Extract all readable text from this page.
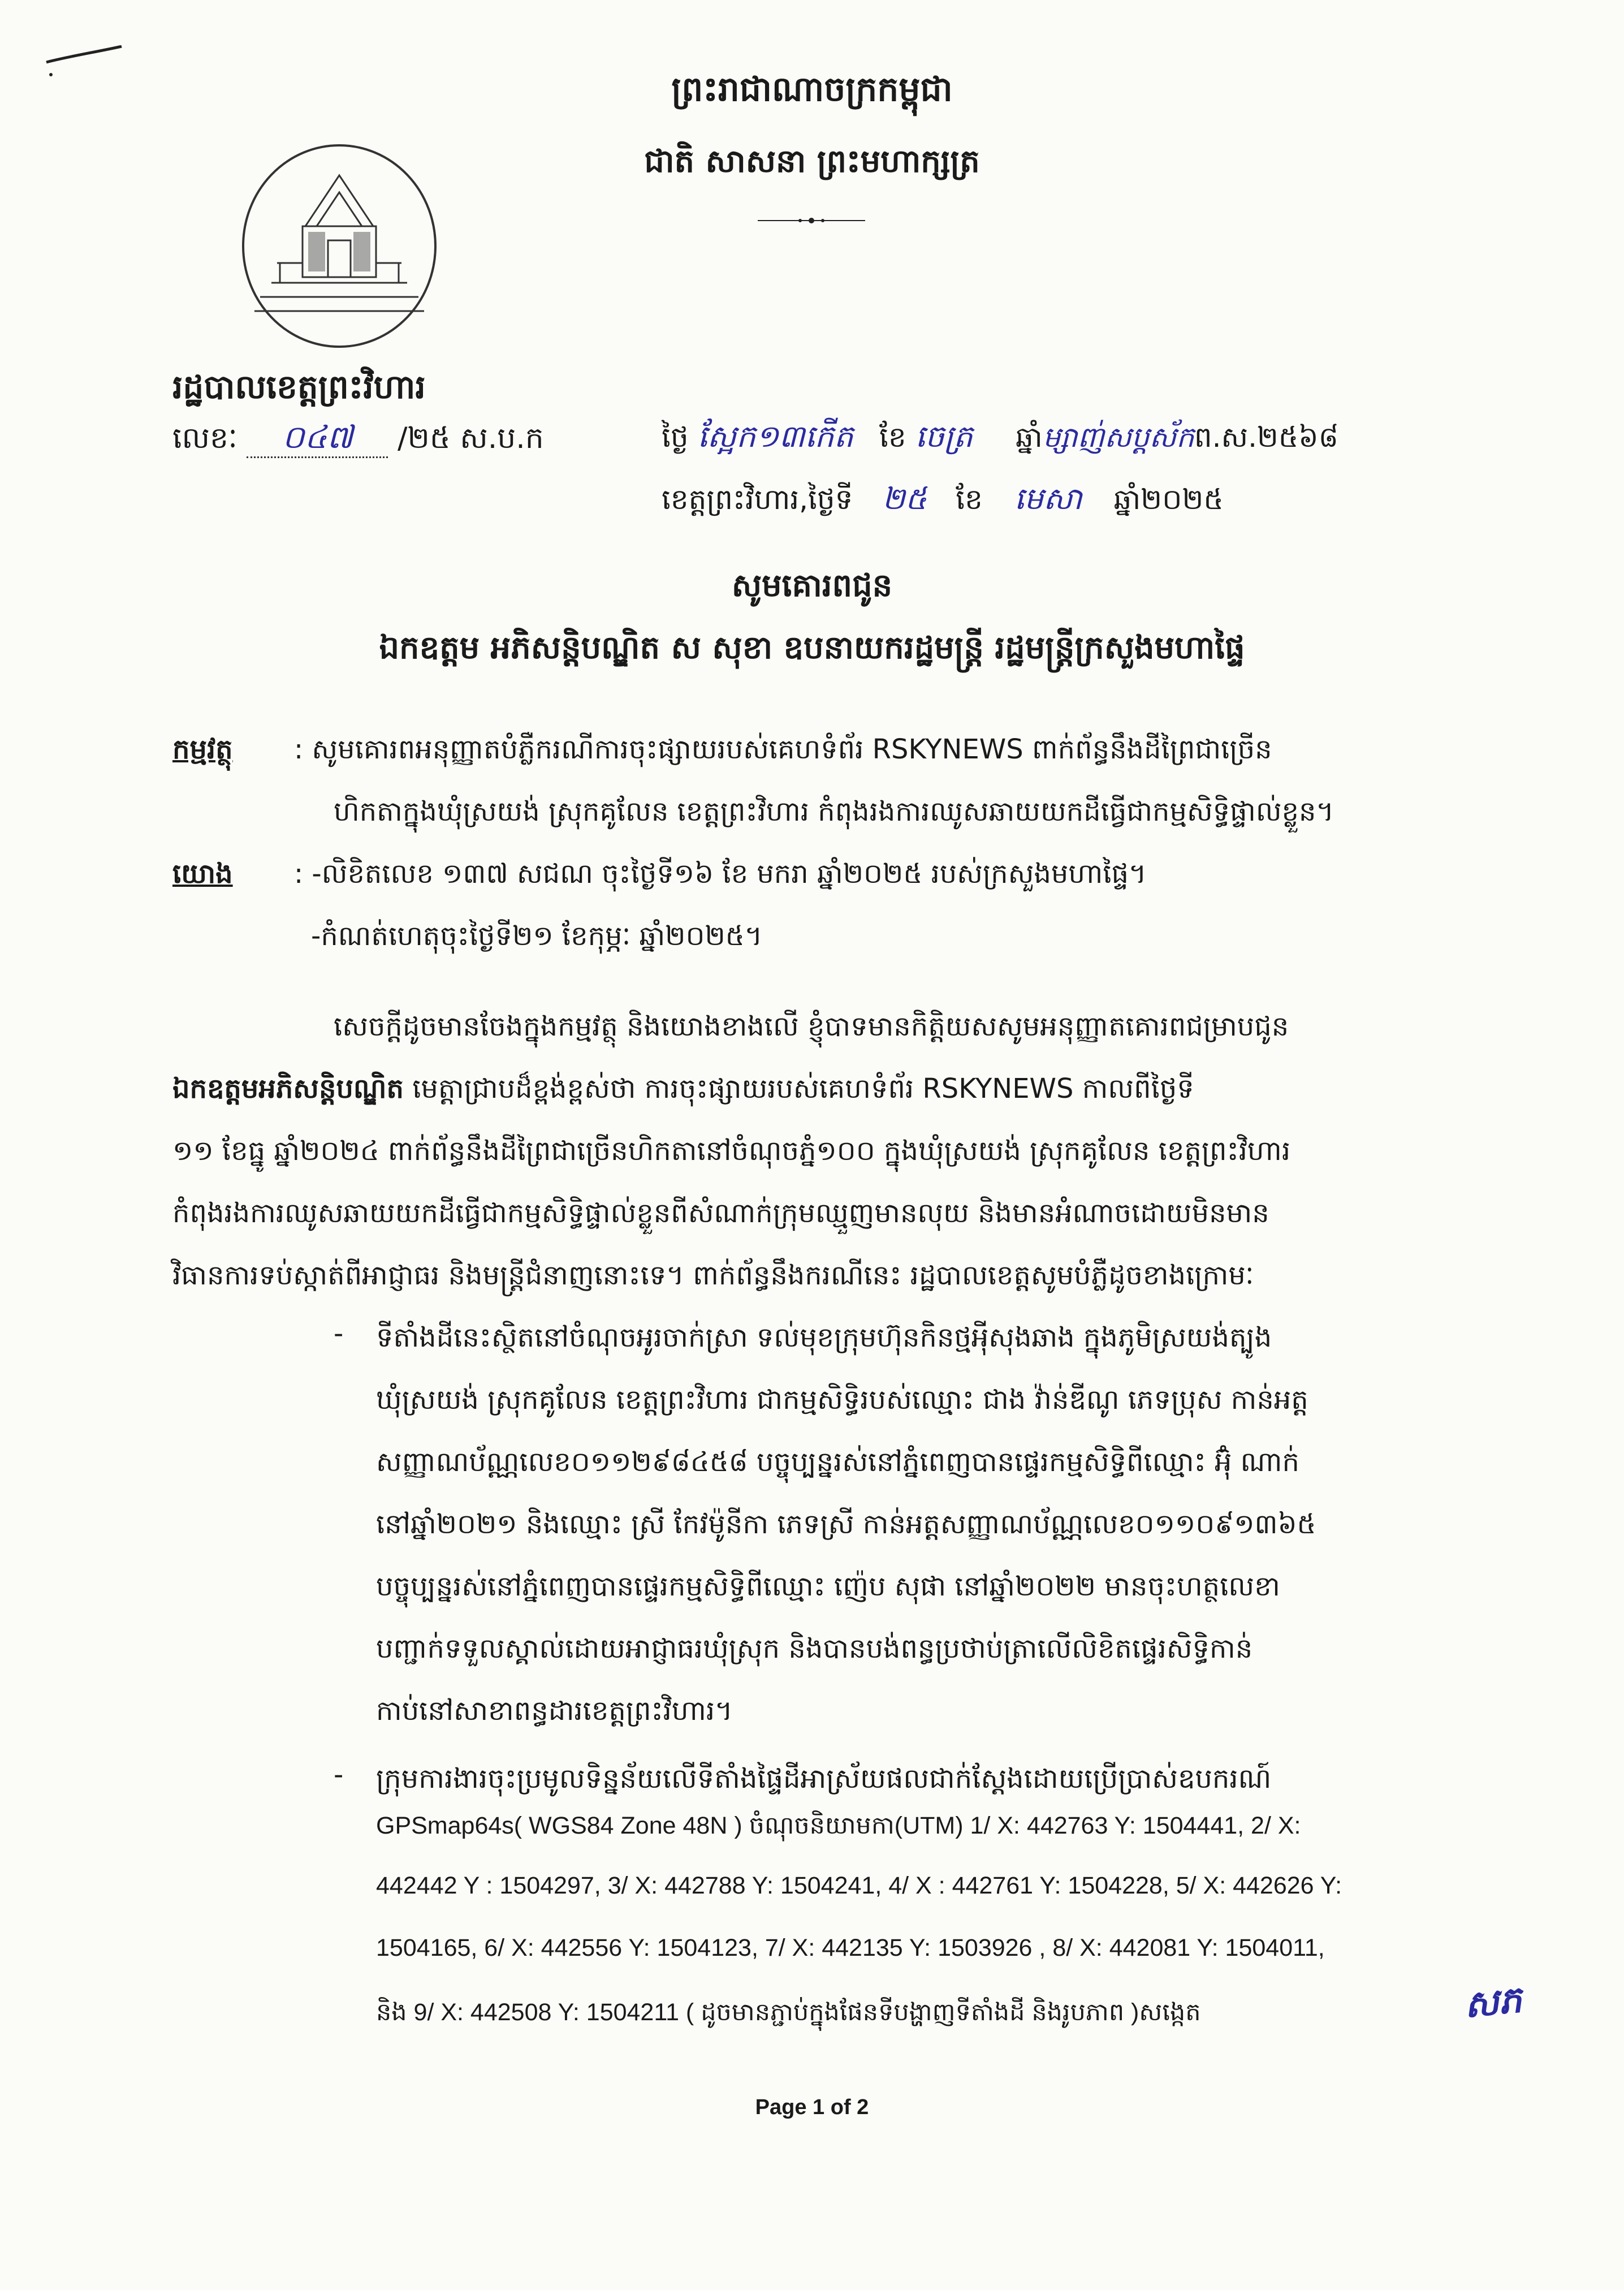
ព្រះរាជាណាចក្រកម្ពុជា
ជាតិ សាសនា ព្រះមហាក្សត្រ
រដ្ឋបាលខេត្តព្រះវិហារ
លេខៈ ០៤៧ /២៥ ស.ប.ក	ថ្ងៃ ស្អែក១៣កើត ខែ ចេត្រ ឆ្នាំម្សាញ់សប្តស័កព.ស.២៥៦៨
ខេត្តព្រះវិហារ,ថ្ងៃទី ២៥ ខែ មេសា ឆ្នាំ២០២៥
សូមគោរពជូន
ឯកឧត្តម អភិសន្តិបណ្ឌិត ស សុខា ឧបនាយករដ្ឋមន្ត្រី រដ្ឋមន្ត្រីក្រសួងមហាផ្ទៃ
កម្មវត្ថុ : សូមគោរពអនុញ្ញាតបំភ្លឺករណីការចុះផ្សាយរបស់គេហទំព័រ RSKYNEWS ពាក់ព័ន្ធនឹងដីព្រៃជាច្រើន
ហិកតាក្នុងឃុំស្រយង់ ស្រុកគូលែន ខេត្តព្រះវិហារ កំពុងរងការឈូសឆាយយកដីធ្វើជាកម្មសិទ្ធិផ្ទាល់ខ្លួន។
យោង : -លិខិតលេខ ១៣៧ សជណ ចុះថ្ងៃទី១៦ ខែ មករា ឆ្នាំ២០២៥ របស់ក្រសួងមហាផ្ទៃ។
-កំណត់ហេតុចុះថ្ងៃទី២១ ខែកុម្ភៈ ឆ្នាំ២០២៥។
សេចក្តីដូចមានចែងក្នុងកម្មវត្ថុ និងយោងខាងលើ ខ្ញុំបាទមានកិត្តិយសសូមអនុញ្ញាតគោរពជម្រាបជូន
ឯកឧត្តមអភិសន្តិបណ្ឌិត មេត្តាជ្រាបដ៏ខ្ពង់ខ្ពស់ថា ការចុះផ្សាយរបស់គេហទំព័រ RSKYNEWS កាលពីថ្ងៃទី
១១ ខែធ្នូ ឆ្នាំ២០២៤ ពាក់ព័ន្ធនឹងដីព្រៃជាច្រើនហិកតានៅចំណុចភ្នំ១០០ ក្នុងឃុំស្រយង់ ស្រុកគូលែន ខេត្តព្រះវិហារ
កំពុងរងការឈូសឆាយយកដីធ្វើជាកម្មសិទ្ធិផ្ទាល់ខ្លួនពីសំណាក់ក្រុមឈ្មួញមានលុយ និងមានអំណាចដោយមិនមាន
វិធានការទប់ស្កាត់ពីអាជ្ញាធរ និងមន្ត្រីជំនាញនោះទេ។ ពាក់ព័ន្ធនឹងករណីនេះ រដ្ឋបាលខេត្តសូមបំភ្លឺដូចខាងក្រោមៈ
- ទីតាំងដីនេះស្ថិតនៅចំណុចអូរចាក់ស្រា ទល់មុខក្រុមហ៊ុនកិនថ្មអុីសុងឆាង ក្នុងភូមិស្រយង់ត្បូង
ឃុំស្រយង់ ស្រុកគូលែន ខេត្តព្រះវិហារ ជាកម្មសិទ្ធិរបស់ឈ្មោះ ជាង វ៉ាន់ឌីណូ ភេទប្រុស កាន់អត្ត
សញ្ញាណប័ណ្ណលេខ០១១២៩៨៤៥៨ បច្ចុប្បន្នរស់នៅភ្នំពេញបានផ្ទេរកម្មសិទ្ធិពីឈ្មោះ អ៊ុំ ណាក់
នៅឆ្នាំ២០២១ និងឈ្មោះ ស្រី កែវម៉ូនីកា ភេទស្រី កាន់អត្តសញ្ញាណប័ណ្ណលេខ០១១០៩១៣៦៥
បច្ចុប្បន្នរស់នៅភ្នំពេញបានផ្ទេរកម្មសិទ្ធិពីឈ្មោះ ញ៉េប សុផា នៅឆ្នាំ២០២២ មានចុះហត្ថលេខា
បញ្ជាក់ទទួលស្គាល់ដោយអាជ្ញាធរឃុំស្រុក និងបានបង់ពន្ធប្រថាប់ត្រាលើលិខិតផ្ទេរសិទ្ធិកាន់
កាប់នៅសាខាពន្ធដារខេត្តព្រះវិហារ។
- ក្រុមការងារចុះប្រមូលទិន្នន័យលើទីតាំងផ្ទៃដីអាស្រ័យផលជាក់ស្តែងដោយប្រើប្រាស់ឧបករណ៍
GPSmap64s( WGS84 Zone 48N ) ចំណុចនិយាមកា(UTM) 1/ X: 442763 Y: 1504441, 2/ X:
442442 Y : 1504297, 3/ X: 442788 Y: 1504241, 4/ X : 442761 Y: 1504228, 5/ X: 442626 Y:
1504165, 6/ X: 442556 Y: 1504123, 7/ X: 442135 Y: 1503926 , 8/ X: 442081 Y: 1504011,
និង 9/ X: 442508 Y: 1504211 ( ដូចមានភ្ជាប់ក្នុងផែនទីបង្ហាញទីតាំងដី និងរូបភាព )សង្កេត	សភ
Page 1 of 2
